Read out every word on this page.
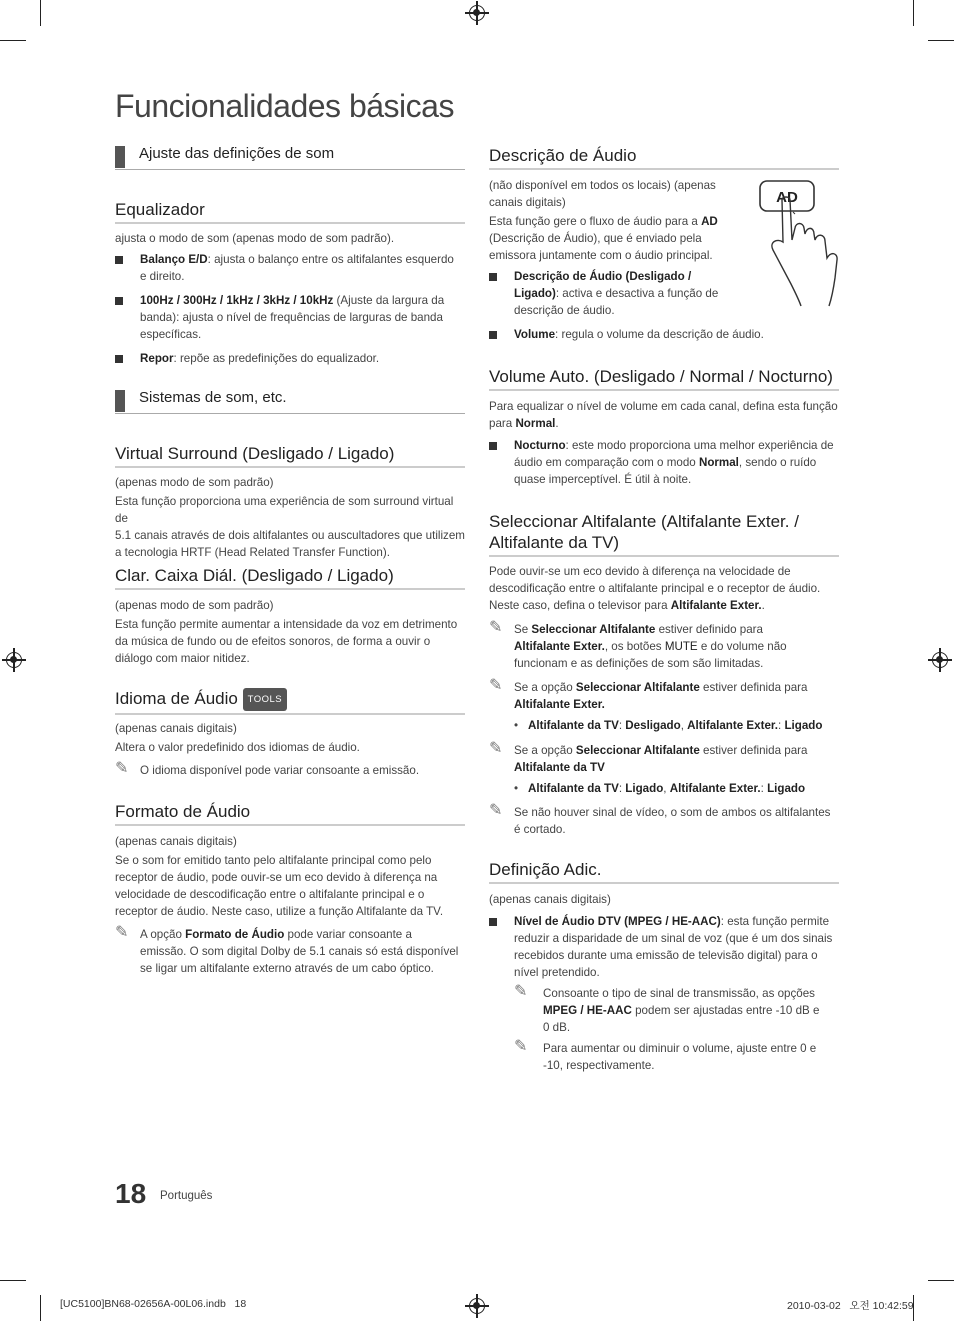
Funcionalidades básicas
Ajuste das definições de som
Equalizador
ajusta o modo de som (apenas modo de som padrão).
Balanço E/D: ajusta o balanço entre os altifalantes esquerdo
e direito.
100Hz / 300Hz / 1kHz / 3kHz / 10kHz (Ajuste da largura da
banda): ajusta o nível de frequências de larguras de banda
específicas.
Repor: repõe as predefinições do equalizador.
Sistemas de som, etc.
Virtual Surround (Desligado / Ligado)
(apenas modo de som padrão)
Esta função proporciona uma experiência de som surround virtual de
5.1 canais através de dois altifalantes ou auscultadores que utilizem
a tecnologia HRTF (Head Related Transfer Function).
Clar. Caixa Diál. (Desligado / Ligado)
(apenas modo de som padrão)
Esta função permite aumentar a intensidade da voz em detrimento
da música de fundo ou de efeitos sonoros, de forma a ouvir o
diálogo com maior nitidez.
Idioma de Áudio TOOLS
(apenas canais digitais)
Altera o valor predefinido dos idiomas de áudio.
✎ O idioma disponível pode variar consoante a emissão.
Formato de Áudio
(apenas canais digitais)
Se o som for emitido tanto pelo altifalante principal como pelo
receptor de áudio, pode ouvir-se um eco devido à diferença na
velocidade de descodificação entre o altifalante principal e o
receptor de áudio. Neste caso, utilize a função Altifalante da TV.
✎ A opção Formato de Áudio pode variar consoante a
emissão. O som digital Dolby de 5.1 canais só está disponível
se ligar um altifalante externo através de um cabo óptico.
Descrição de Áudio
AD
(não disponível em todos os locais) (apenas
canais digitais)
Esta função gere o fluxo de áudio para a AD
(Descrição de Áudio), que é enviado pela
emissora juntamente com o áudio principal.
Descrição de Áudio (Desligado /
Ligado): activa e desactiva a função de
descrição de áudio.
Volume: regula o volume da descrição de áudio.
Volume Auto. (Desligado / Normal / Nocturno)
Para equalizar o nível de volume em cada canal, defina esta função
para Normal.
Nocturno: este modo proporciona uma melhor experiência de
áudio em comparação com o modo Normal, sendo o ruído
quase imperceptível. É útil à noite.
Seleccionar Altifalante (Altifalante Exter. /
Altifalante da TV)
Pode ouvir-se um eco devido à diferença na velocidade de
descodificação entre o altifalante principal e o receptor de áudio.
Neste caso, defina o televisor para Altifalante Exter..
✎ Se Seleccionar Altifalante estiver definido para
Altifalante Exter., os botões MUTE e do volume não
funcionam e as definições de som são limitadas.
✎ Se a opção Seleccionar Altifalante estiver definida para
Altifalante Exter.
• Altifalante da TV: Desligado, Altifalante Exter.: Ligado
✎ Se a opção Seleccionar Altifalante estiver definida para
Altifalante da TV
• Altifalante da TV: Ligado, Altifalante Exter.: Ligado
✎ Se não houver sinal de vídeo, o som de ambos os altifalantes
é cortado.
Definição Adic.
(apenas canais digitais)
Nível de Áudio DTV (MPEG / HE-AAC): esta função permite
reduzir a disparidade de um sinal de voz (que é um dos sinais
recebidos durante uma emissão de televisão digital) para o
nível pretendido.
✎ Consoante o tipo de sinal de transmissão, as opções
MPEG / HE-AAC podem ser ajustadas entre -10 dB e
0 dB.
✎ Para aumentar ou diminuir o volume, ajuste entre 0 e
-10, respectivamente.
18 Português
[UC5100]BN68-02656A-00L06.indb   18	2010-03-02   오전 10:42:59
